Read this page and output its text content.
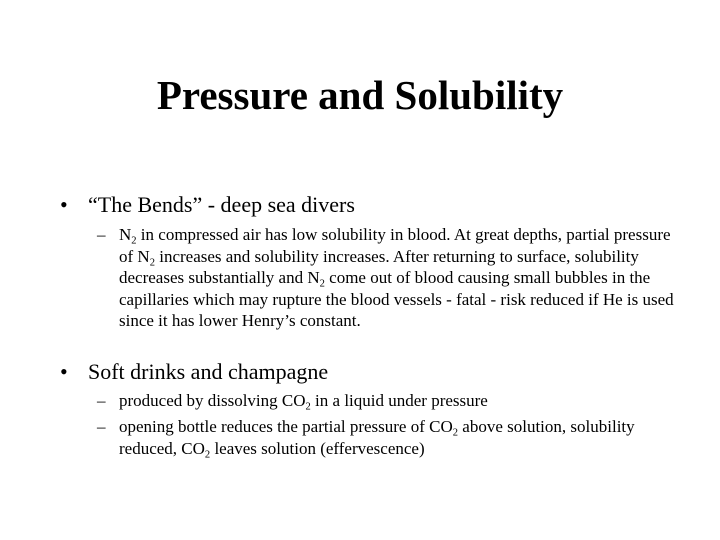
Pressure and Solubility
• “The Bends” - deep sea divers
– $N_2$ in compressed air has low solubility in blood. At great depths, partial pressure of $N_2$ increases and solubility increases. After returning to surface, solubility decreases substantially and $N_2$ come out of blood causing small bubbles in the capillaries which may rupture the blood vessels - fatal - risk reduced if He is used since it has lower Henry’s constant.
• Soft drinks and champagne
– produced by dissolving $CO_2$ in a liquid under pressure
– opening bottle reduces the partial pressure of $CO_2$ above solution, solubility reduced, $CO_2$ leaves solution (effervescence)
